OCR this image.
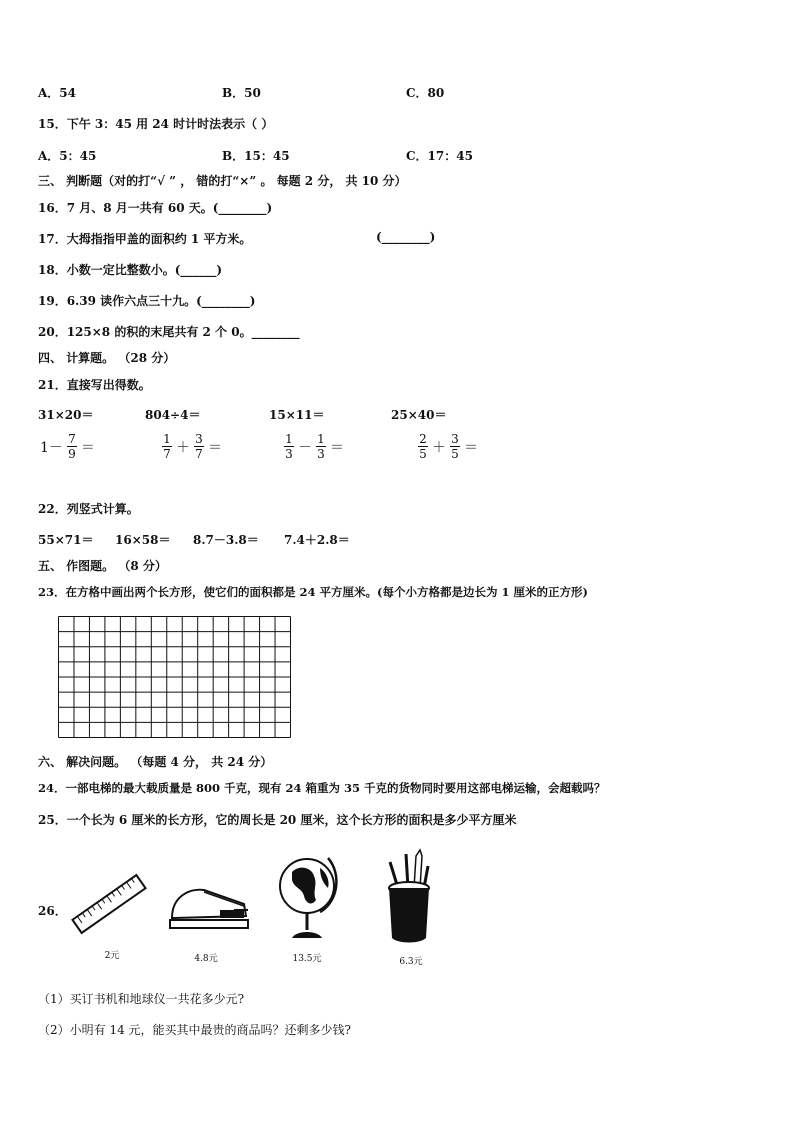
A．54	B．50	C．80
15．下午 3：45 用 24 时计时法表示（ ）
A．5：45	B．15：45	C．17：45
三、 判断题（对的打“√ ” ， 错的打“×” 。 每题 2 分， 共 10 分）
16．7 月、8 月一共有 60 天。(________)
17．大拇指指甲盖的面积约 1 平方米。	(________)
18．小数一定比整数小。(______)
19．6.39 读作六点三十九。(________)
20．125×8 的积的末尾共有 2 个 0。________
四、 计算题。 （28 分）
21．直接写出得数。
31×20＝	804÷4＝	15×11＝	25×40＝
$1- \frac{7}{9}$ ＝	$\frac{1}{7} + \frac{3}{7}$ ＝	$\frac{1}{3} - \frac{1}{3}$ ＝	$\frac{2}{5} + \frac{3}{5}$ ＝
22．列竖式计算。
55×71＝ 16×58＝ 8.7－3.8＝ 7.4＋2.8＝
五、 作图题。 （8 分）
23．在方格中画出两个长方形，使它们的面积都是 24 平方厘米。(每个小方格都是边长为 1 厘米的正方形)
六、 解决问题。 （每题 4 分， 共 24 分）
24．一部电梯的最大载质量是 800 千克，现有 24 箱重为 35 千克的货物同时要用这部电梯运输，会超载吗？
25．一个长为 6 厘米的长方形，它的周长是 20 厘米，这个长方形的面积是多少平方厘米
26．
2元	4.8元	13.5元	6.3元
（1）买订书机和地球仪一共花多少元?
（2）小明有 14 元，能买其中最贵的商品吗？还剩多少钱?
